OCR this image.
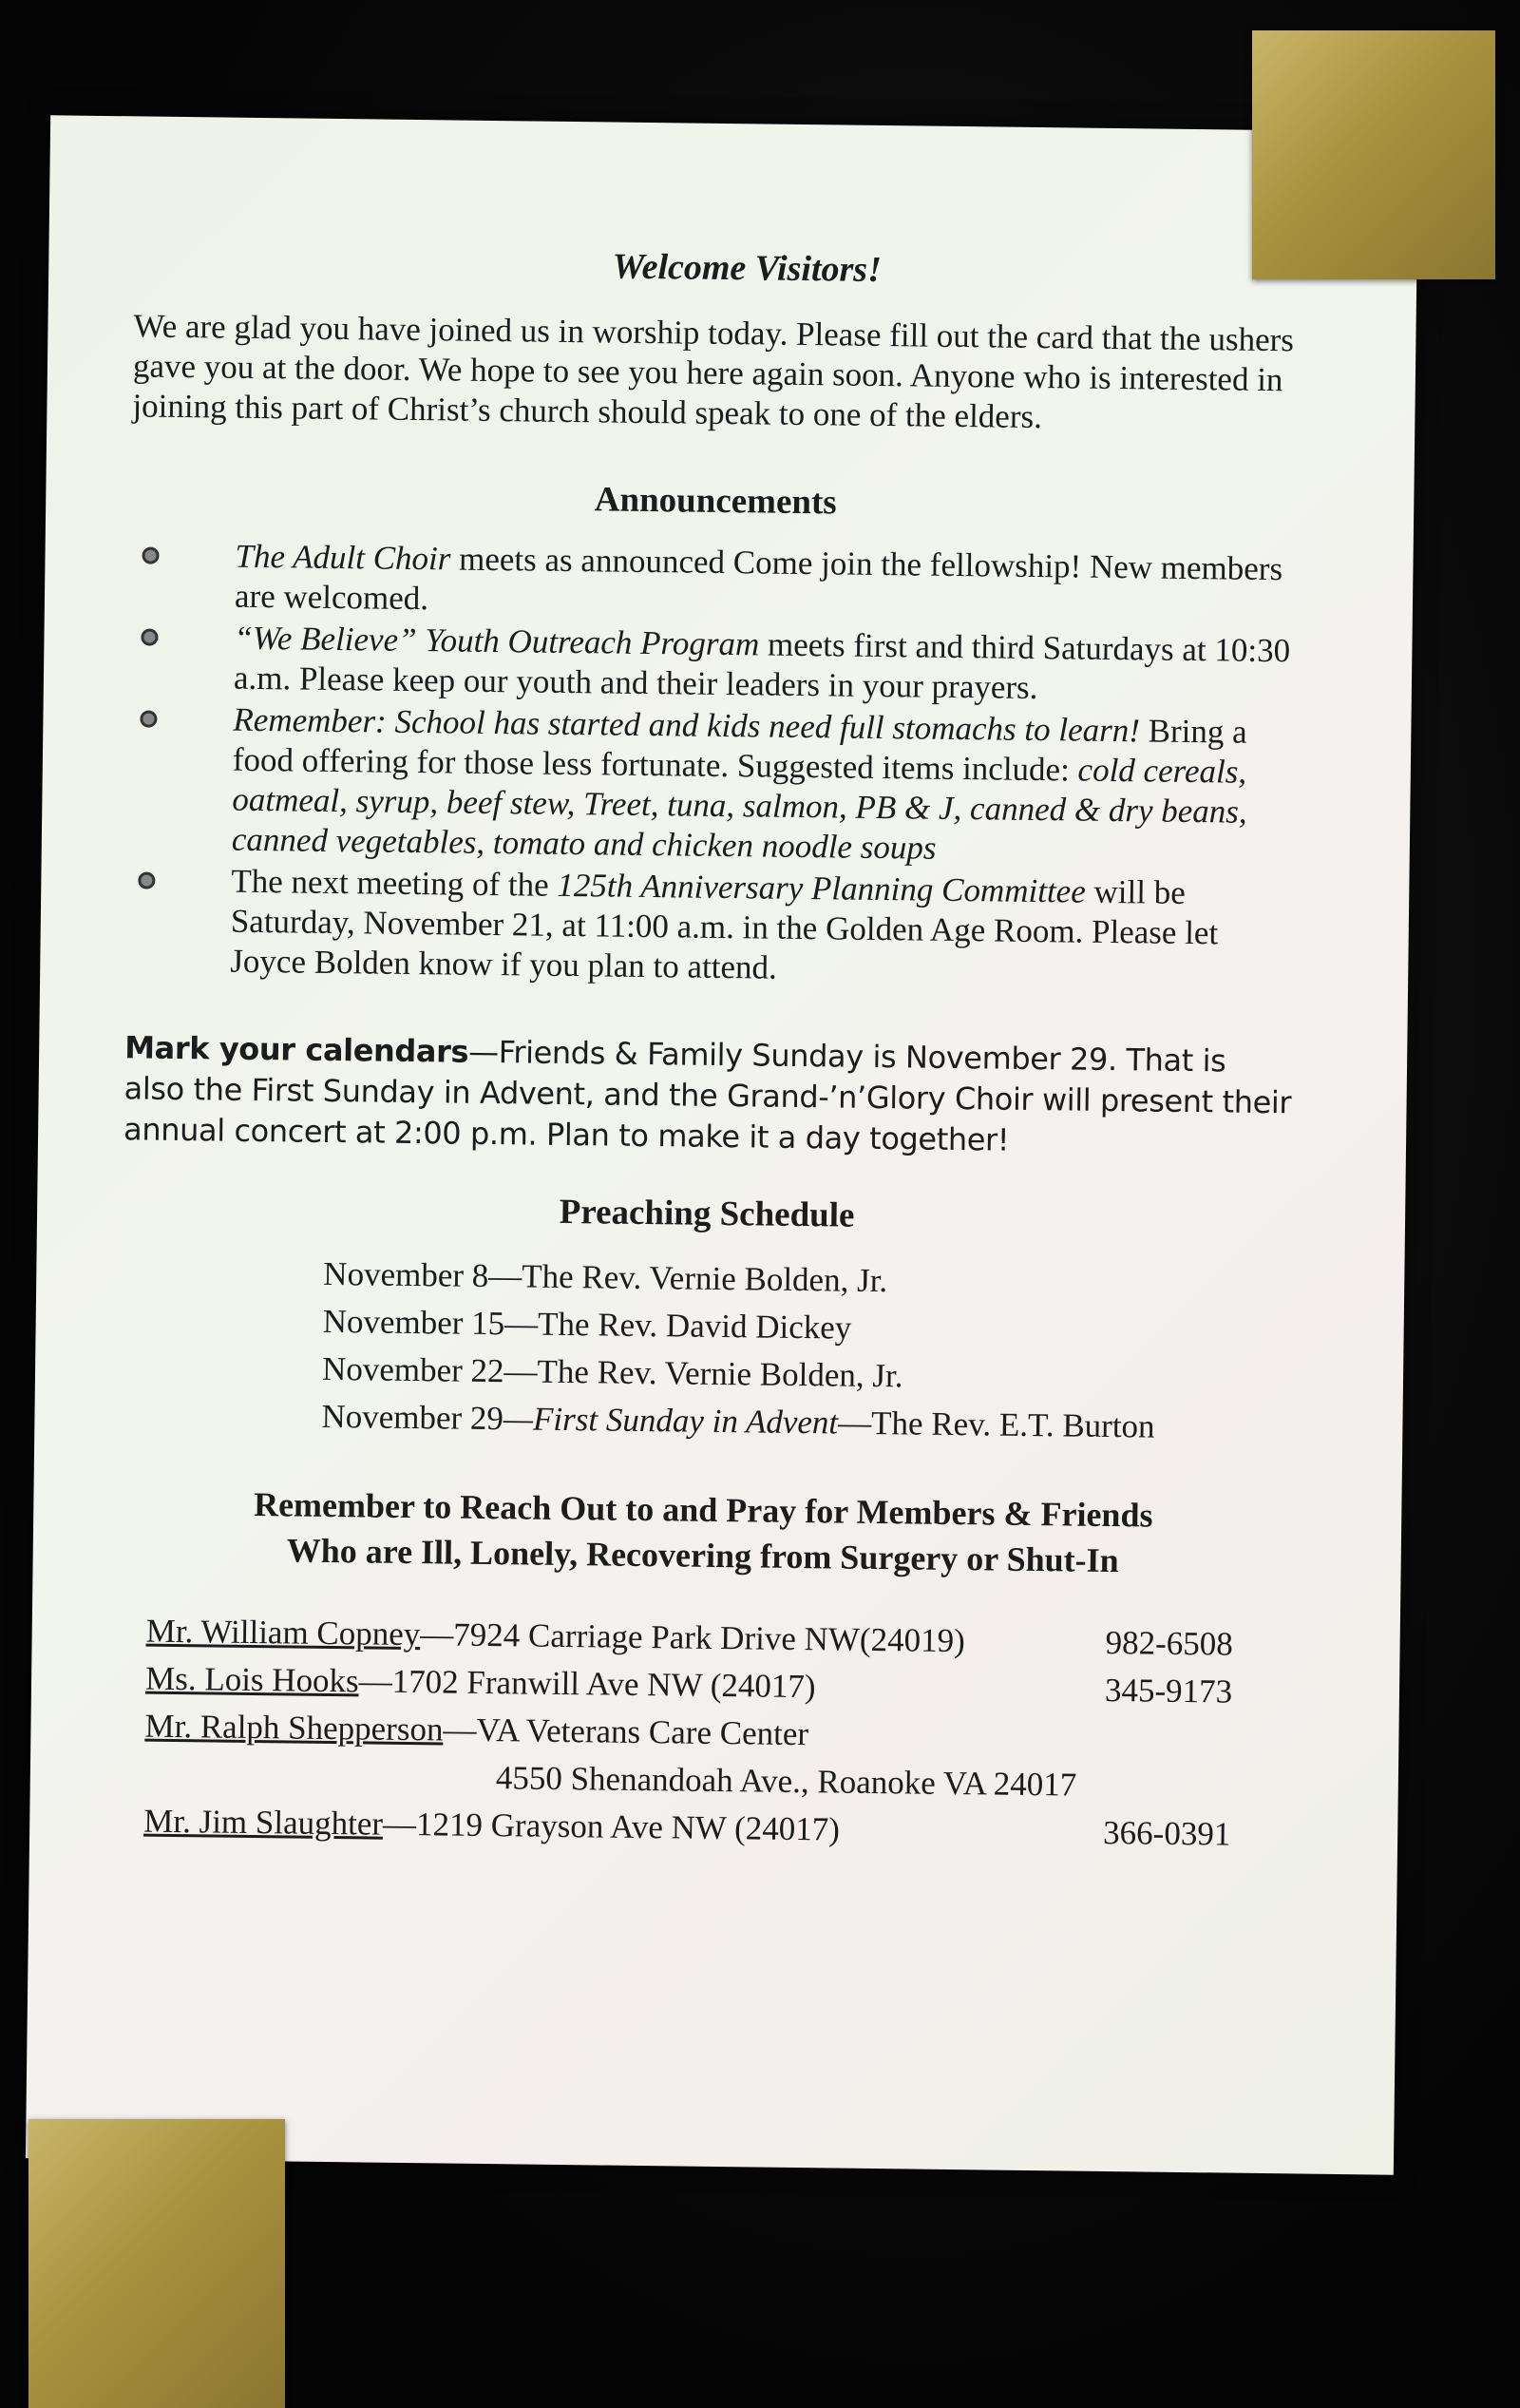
Welcome Visitors!

We are glad you have joined us in worship today. Please fill out the card that the ushers gave you at the door. We hope to see you here again soon. Anyone who is interested in joining this part of Christ’s church should speak to one of the elders.

Announcements
The Adult Choir meets as announced Come join the fellowship! New members are welcomed.
“We Believe” Youth Outreach Program meets first and third Saturdays at 10:30 a.m. Please keep our youth and their leaders in your prayers.
Remember: School has started and kids need full stomachs to learn! Bring a food offering for those less fortunate. Suggested items include: cold cereals, oatmeal, syrup, beef stew, Treet, tuna, salmon, PB & J, canned & dry beans, canned vegetables, tomato and chicken noodle soups
The next meeting of the 125th Anniversary Planning Committee will be Saturday, November 21, at 11:00 a.m. in the Golden Age Room. Please let Joyce Bolden know if you plan to attend.

Mark your calendars—Friends & Family Sunday is November 29. That is also the First Sunday in Advent, and the Grand-’n’Glory Choir will present their annual concert at 2:00 p.m. Plan to make it a day together!

Preaching Schedule
November 8—The Rev. Vernie Bolden, Jr.
November 15—The Rev. David Dickey
November 22—The Rev. Vernie Bolden, Jr.
November 29—First Sunday in Advent—The Rev. E.T. Burton
Remember to Reach Out to and Pray for Members & Friends
Who are Ill, Lonely, Recovering from Surgery or Shut-In
Mr. William Copney—7924 Carriage Park Drive NW(24019)	982-6508
Ms. Lois Hooks—1702 Franwill Ave NW (24017)	345-9173
Mr. Ralph Shepperson—VA Veterans Care Center
4550 Shenandoah Ave., Roanoke VA 24017
Mr. Jim Slaughter—1219 Grayson Ave NW (24017)	366-0391
